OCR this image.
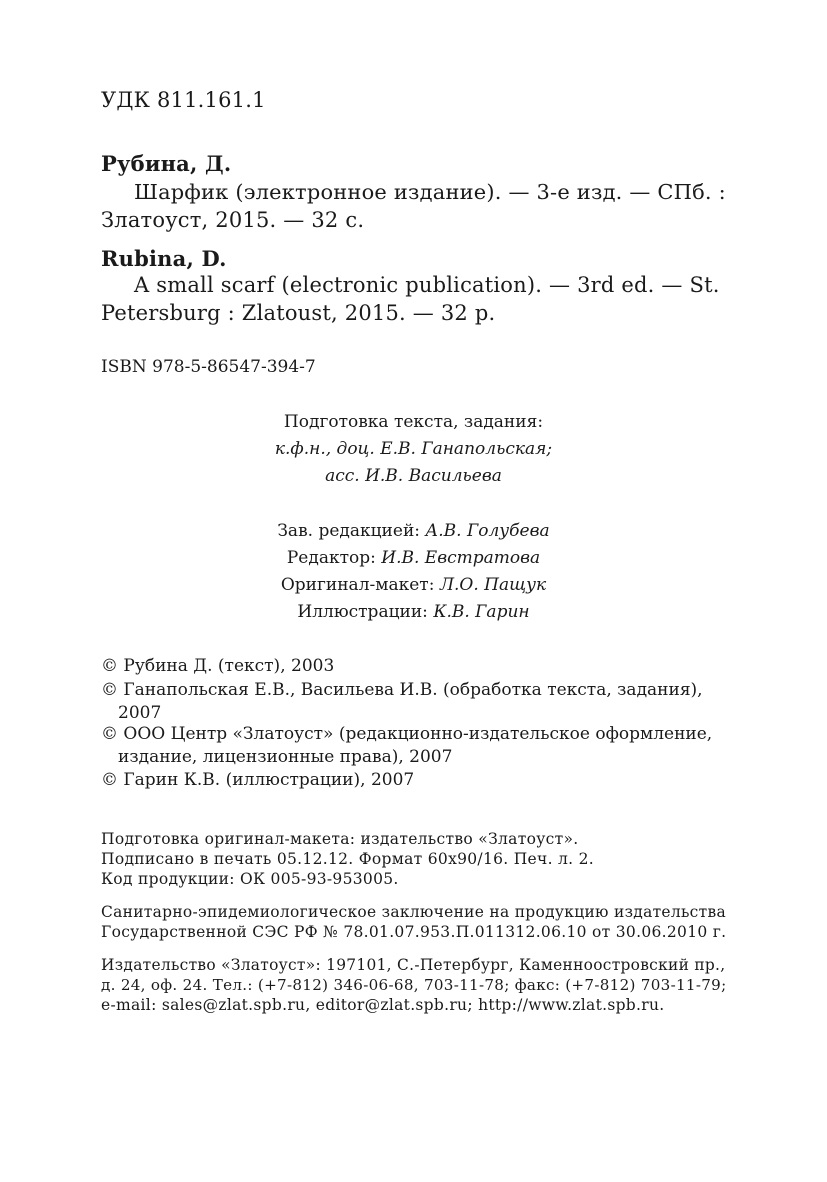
УДК 811.161.1
Рубина, Д.
Шарфик (электронное издание). — 3-е изд. — СПб. :
Златоуст, 2015. — 32 с.
Rubina, D.
A small scarf (electronic publication). — 3rd ed. — St.
Petersburg : Zlatoust, 2015. — 32 p.
ISBN 978-5-86547-394-7
Подготовка текста, задания:
к.ф.н., доц. Е.В. Ганапольская;
асс. И.В. Васильева
Зав. редакцией: А.В. Голубева
Редактор: И.В. Евстратова
Оригинал-макет: Л.О. Пащук
Иллюстрации: К.В. Гарин
© Рубина Д. (текст), 2003
© Ганапольская Е.В., Васильева И.В. (обработка текста, задания),
2007
© ООО Центр «Златоуст» (редакционно-издательское оформление,
издание, лицензионные права), 2007
© Гарин К.В. (иллюстрации), 2007
Подготовка оригинал-макета: издательство «Златоуст».
Подписано в печать 05.12.12. Формат 60x90/16. Печ. л. 2.
Код продукции: ОК 005-93-953005.
Санитарно-эпидемиологическое заключение на продукцию издательства
Государственной СЭС РФ № 78.01.07.953.П.011312.06.10 от 30.06.2010 г.
Издательство «Златоуст»: 197101, С.-Петербург, Каменноостровский пр.,
д. 24, оф. 24. Тел.: (+7-812) 346-06-68, 703-11-78; факс: (+7-812) 703-11-79;
e-mail: sales@zlat.spb.ru, editor@zlat.spb.ru; http://www.zlat.spb.ru.
